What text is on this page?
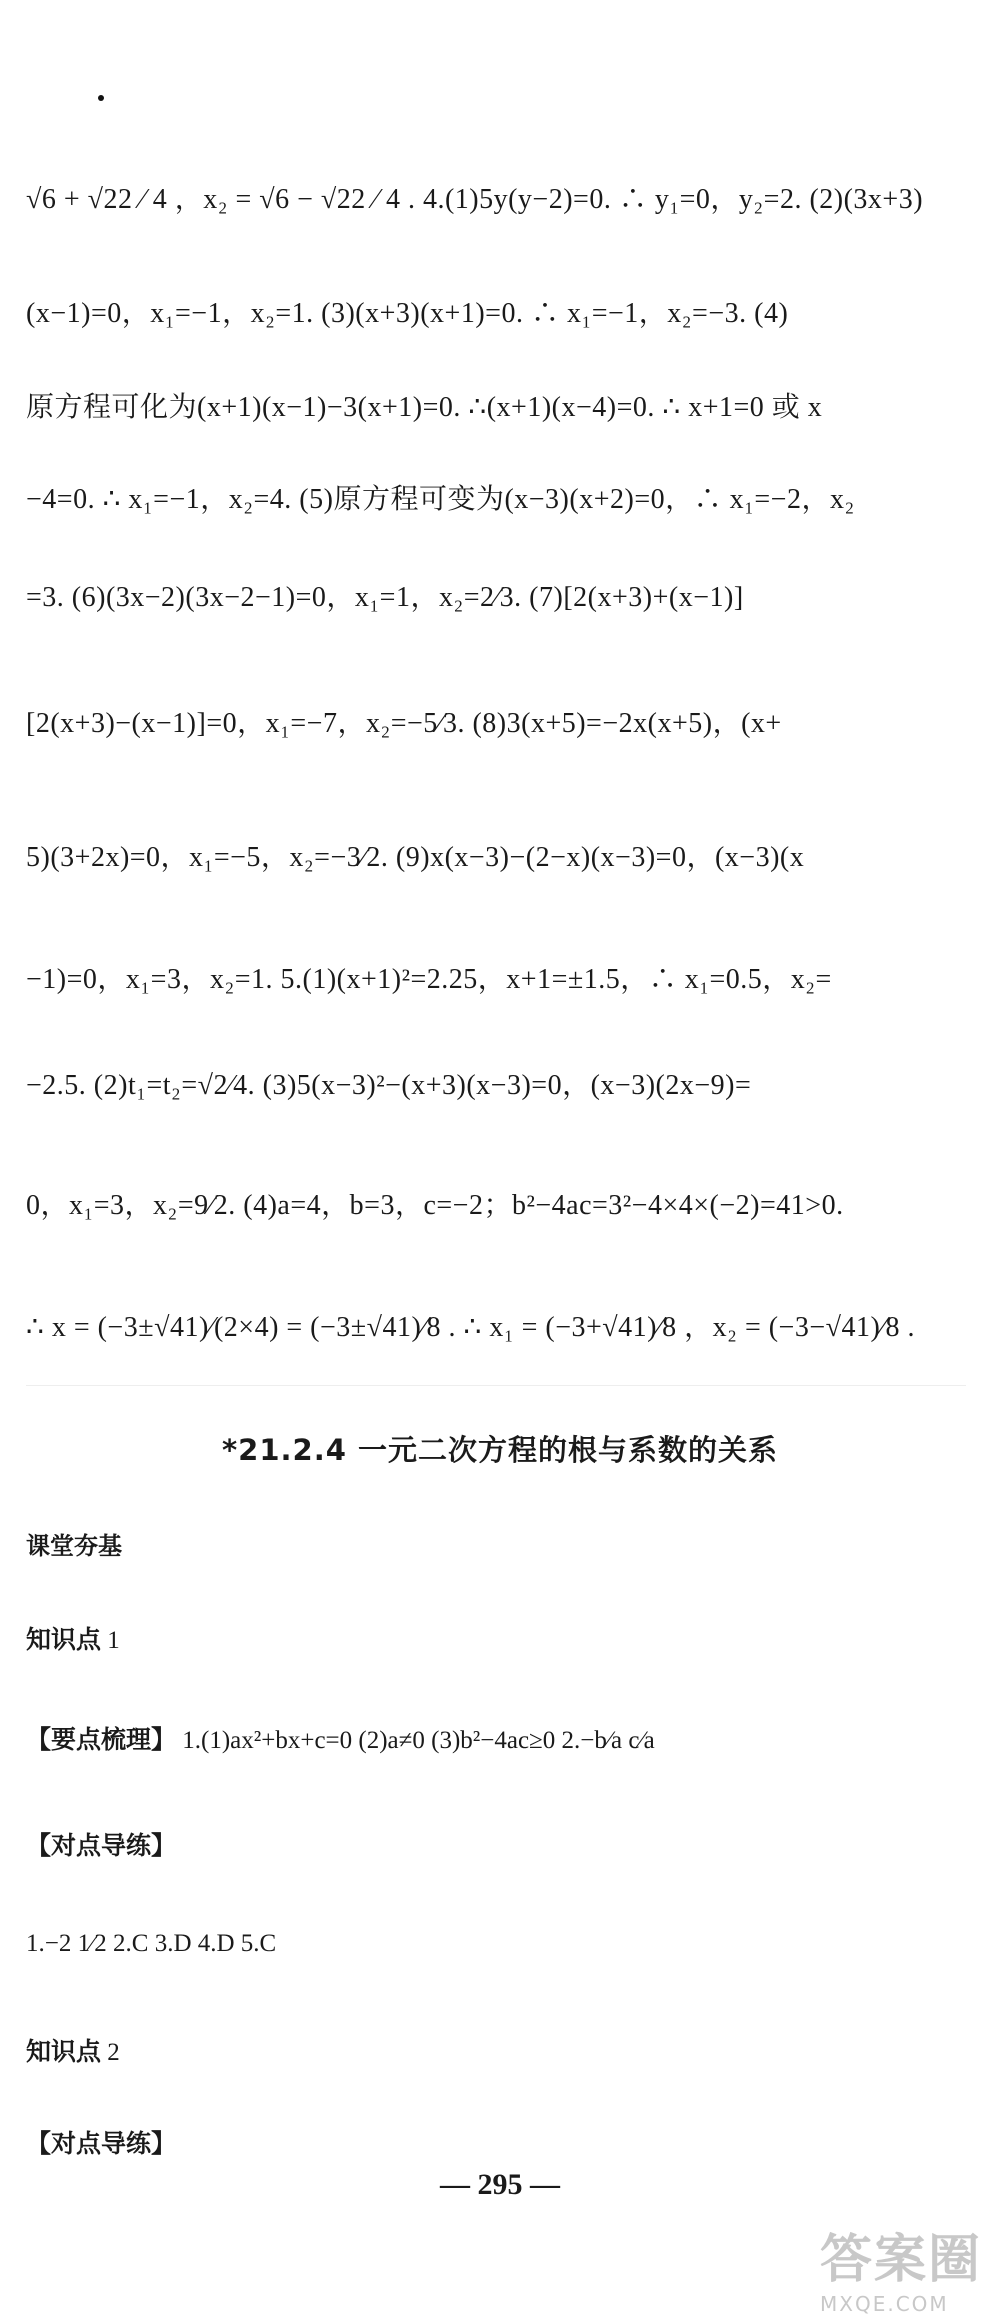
√6 + √22 ⁄ 4 ，x₂ = √6 − √22 ⁄ 4 . 4.(1)5y(y−2)=0. ∴ y₁=0，y₂=2. (2)(3x+3)
(x−1)=0，x₁=−1，x₂=1. (3)(x+3)(x+1)=0. ∴ x₁=−1，x₂=−3. (4)
原方程可化为(x+1)(x−1)−3(x+1)=0. ∴(x+1)(x−4)=0. ∴ x+1=0 或 x
−4=0. ∴ x₁=−1，x₂=4. (5)原方程可变为(x−3)(x+2)=0，∴ x₁=−2，x₂
=3. (6)(3x−2)(3x−2−1)=0，x₁=1，x₂=2⁄3. (7)[2(x+3)+(x−1)]
[2(x+3)−(x−1)]=0，x₁=−7，x₂=−5⁄3. (8)3(x+5)=−2x(x+5)，(x+
5)(3+2x)=0，x₁=−5，x₂=−3⁄2. (9)x(x−3)−(2−x)(x−3)=0，(x−3)(x
−1)=0，x₁=3，x₂=1. 5.(1)(x+1)²=2.25，x+1=±1.5，∴ x₁=0.5，x₂=
−2.5. (2)t₁=t₂=√2⁄4. (3)5(x−3)²−(x+3)(x−3)=0，(x−3)(2x−9)=
0，x₁=3，x₂=9⁄2. (4)a=4，b=3，c=−2；b²−4ac=3²−4×4×(−2)=41>0.
∴ x = (−3±√41)⁄(2×4) = (−3±√41)⁄8 . ∴ x₁ = (−3+√41)⁄8 ，x₂ = (−3−√41)⁄8 .
*21.2.4 一元二次方程的根与系数的关系
课堂夯基
知识点 1
【要点梳理】 1.(1)ax²+bx+c=0 (2)a≠0 (3)b²−4ac≥0 2.−b⁄a c⁄a
【对点导练】
1.−2 1⁄2 2.C 3.D 4.D 5.C
知识点 2
【对点导练】
— 295 —
答案圈
MXQE.COM
